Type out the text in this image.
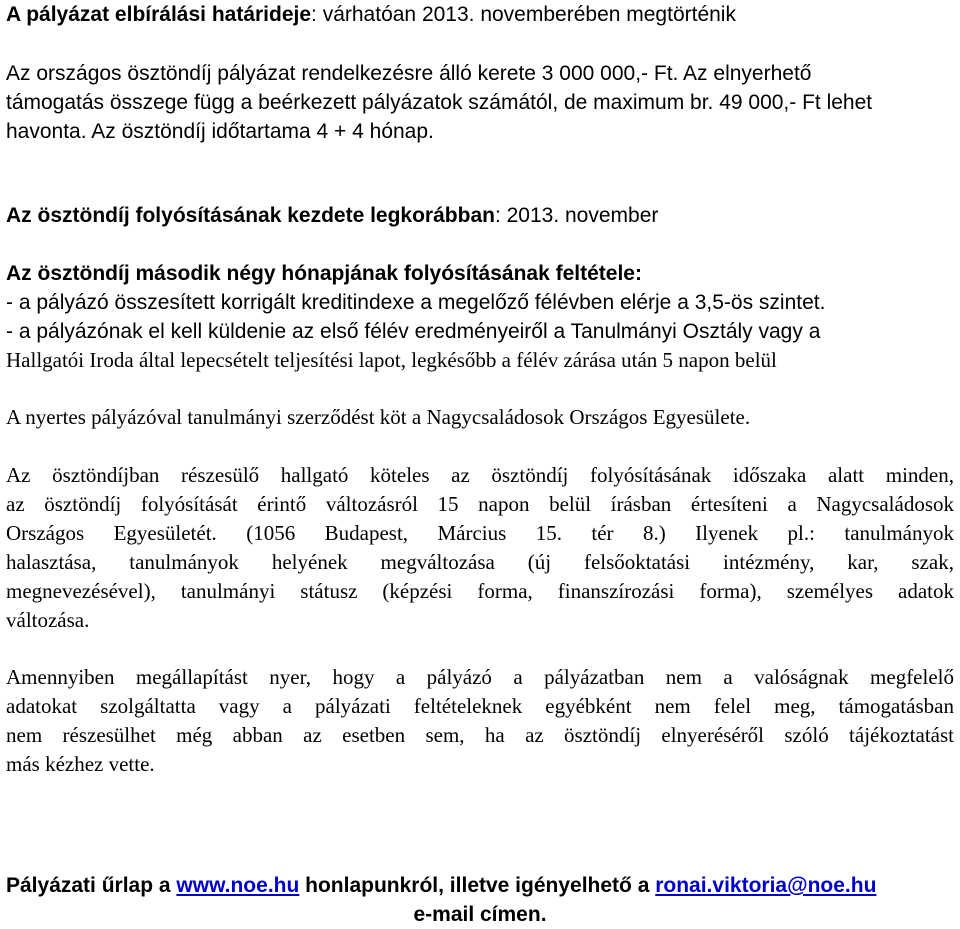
A pályázat elbírálási határideje: várhatóan 2013. novemberében megtörténik

Az országos ösztöndíj pályázat rendelkezésre álló kerete 3 000 000,- Ft. Az elnyerhető
támogatás összege függ a beérkezett pályázatok számától, de maximum br. 49 000,- Ft lehet
havonta. Az ösztöndíj időtartama 4 + 4 hónap.

Az ösztöndíj folyósításának kezdete legkorábban: 2013. november

Az ösztöndíj második négy hónapjának folyósításának feltétele:
- a pályázó összesített korrigált kreditindexe a megelőző félévben elérje a 3,5-ös szintet.
- a pályázónak el kell küldenie az első félév eredményeiről a Tanulmányi Osztály vagy a
Hallgatói Iroda által lepecsételt teljesítési lapot, legkésőbb a félév zárása után 5 napon belül

A nyertes pályázóval tanulmányi szerződést köt a Nagycsaládosok Országos Egyesülete.

Az ösztöndíjban részesülő hallgató köteles az ösztöndíj folyósításának időszaka alatt minden,
az ösztöndíj folyósítását érintő változásról 15 napon belül írásban értesíteni a Nagycsaládosok
Országos Egyesületét. (1056 Budapest, Március 15. tér 8.) Ilyenek pl.: tanulmányok
halasztása, tanulmányok helyének megváltozása (új felsőoktatási intézmény, kar, szak,
megnevezésével), tanulmányi státusz (képzési forma, finanszírozási forma), személyes adatok
változása.
Amennyiben megállapítást nyer, hogy a pályázó a pályázatban nem a valóságnak megfelelő
adatokat szolgáltatta vagy a pályázati feltételeknek egyébként nem felel meg, támogatásban
nem részesülhet még abban az esetben sem, ha az ösztöndíj elnyeréséről szóló tájékoztatást
más kézhez vette.
Pályázati űrlap a www.noe.hu honlapunkról, illetve igényelhető a ronai.viktoria@noe.hu
e-mail címen.
